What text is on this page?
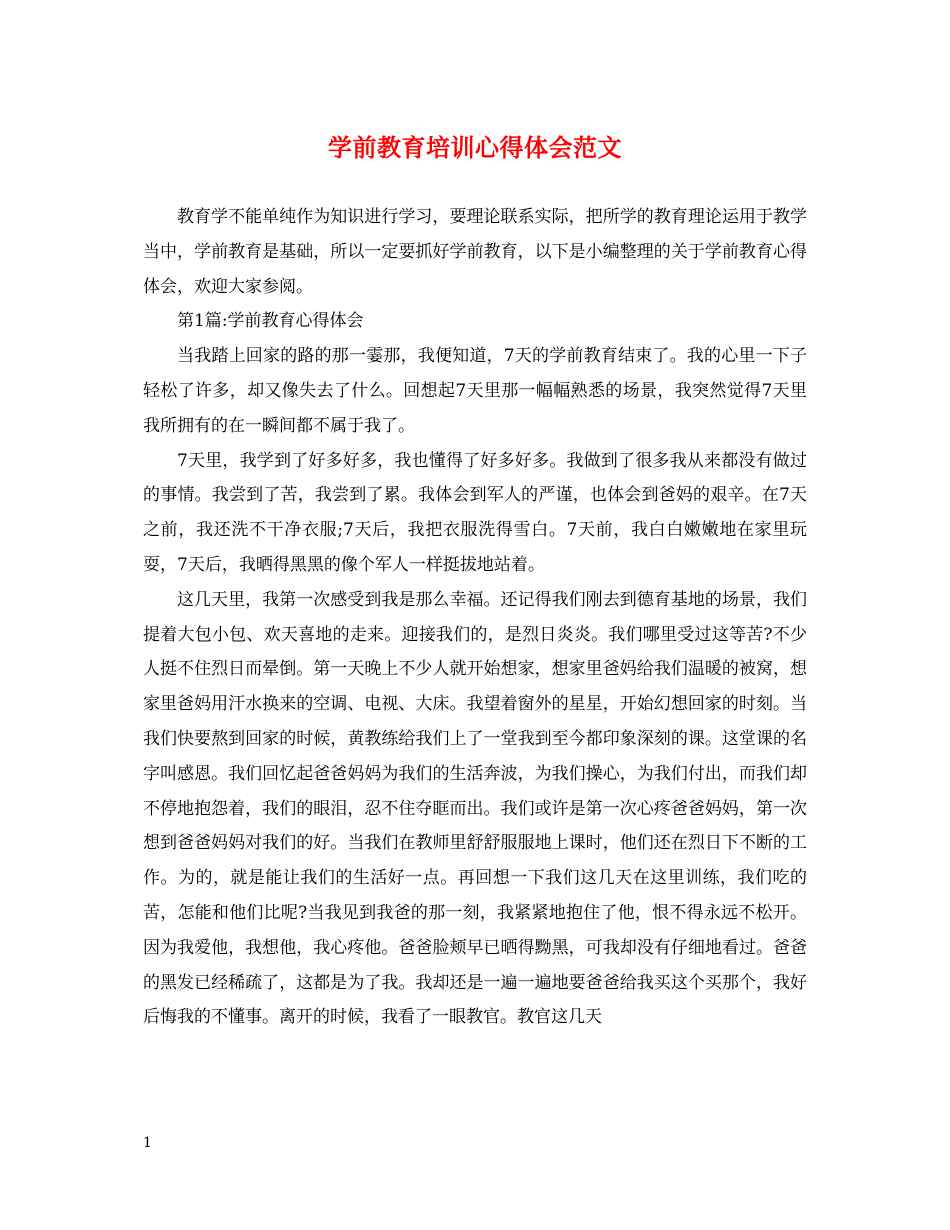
学前教育培训心得体会范文

教育学不能单纯作为知识进行学习，要理论联系实际，把所学的教育理论运用于教学当中，学前教育是基础，所以一定要抓好学前教育，以下是小编整理的关于学前教育心得体会，欢迎大家参阅。

第1篇:学前教育心得体会

当我踏上回家的路的那一霎那，我便知道，7天的学前教育结束了。我的心里一下子轻松了许多，却又像失去了什么。回想起7天里那一幅幅熟悉的场景，我突然觉得7天里我所拥有的在一瞬间都不属于我了。

7天里，我学到了好多好多，我也懂得了好多好多。我做到了很多我从来都没有做过的事情。我尝到了苦，我尝到了累。我体会到军人的严谨，也体会到爸妈的艰辛。在7天之前，我还洗不干净衣服;7天后，我把衣服洗得雪白。7天前，我白白嫩嫩地在家里玩耍，7天后，我晒得黑黑的像个军人一样挺拔地站着。

这几天里，我第一次感受到我是那么幸福。还记得我们刚去到德育基地的场景，我们提着大包小包、欢天喜地的走来。迎接我们的，是烈日炎炎。我们哪里受过这等苦?不少人挺不住烈日而晕倒。第一天晚上不少人就开始想家，想家里爸妈给我们温暖的被窝，想家里爸妈用汗水换来的空调、电视、大床。我望着窗外的星星，开始幻想回家的时刻。当我们快要熬到回家的时候，黄教练给我们上了一堂我到至今都印象深刻的课。这堂课的名字叫感恩。我们回忆起爸爸妈妈为我们的生活奔波，为我们操心，为我们付出，而我们却不停地抱怨着，我们的眼泪，忍不住夺眶而出。我们或许是第一次心疼爸爸妈妈，第一次想到爸爸妈妈对我们的好。当我们在教师里舒舒服服地上课时，他们还在烈日下不断的工作。为的，就是能让我们的生活好一点。再回想一下我们这几天在这里训练，我们吃的苦，怎能和他们比呢?当我见到我爸的那一刻，我紧紧地抱住了他，恨不得永远不松开。因为我爱他，我想他，我心疼他。爸爸脸颊早已晒得黝黑，可我却没有仔细地看过。爸爸的黑发已经稀疏了，这都是为了我。我却还是一遍一遍地要爸爸给我买这个买那个，我好后悔我的不懂事。离开的时候，我看了一眼教官。教官这几天

1
